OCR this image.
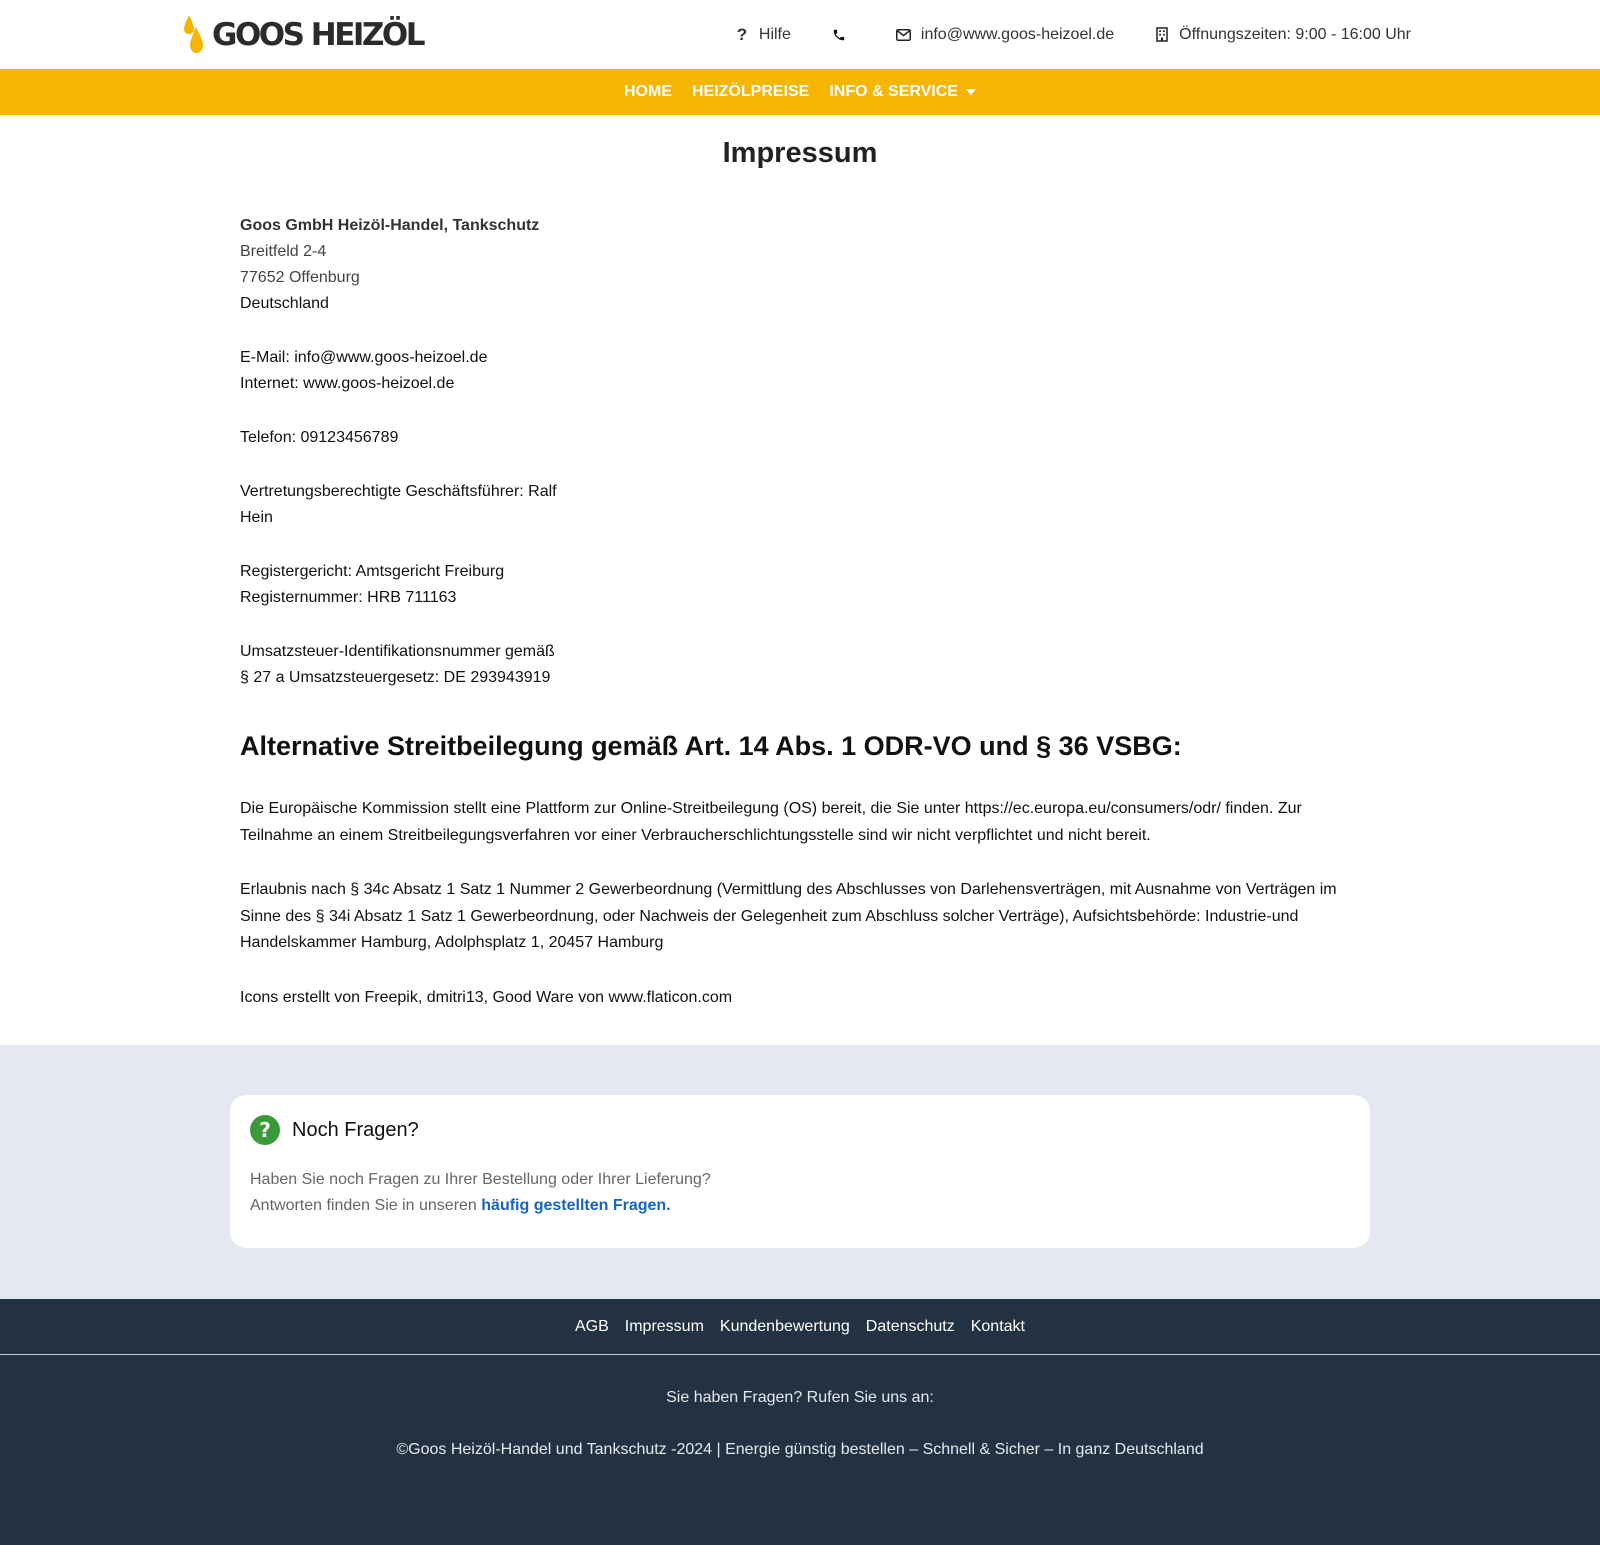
GOOS HEIZÖL	? Hilfe	info@www.goos-heizoel.de	Öffnungszeiten: 9:00 - 16:00 Uhr
HOME HEIZÖLPREISE INFO & SERVICE
Impressum
Goos GmbH Heizöl-Handel, Tankschutz
Breitfeld 2-4
77652 Offenburg
Deutschland
E-Mail: info@www.goos-heizoel.de
Internet: www.goos-heizoel.de
Telefon: 09123456789
Vertretungsberechtigte Geschäftsführer: Ralf
Hein
Registergericht: Amtsgericht Freiburg
Registernummer: HRB 711163
Umsatzsteuer-Identifikationsnummer gemäß
§ 27 a Umsatzsteuergesetz: DE 293943919
Alternative Streitbeilegung gemäß Art. 14 Abs. 1 ODR-VO und § 36 VSBG:

Die Europäische Kommission stellt eine Plattform zur Online-Streitbeilegung (OS) bereit, die Sie unter https://ec.europa.eu/consumers/odr/ finden. Zur Teilnahme an einem Streitbeilegungsverfahren vor einer Verbraucherschlichtungsstelle sind wir nicht verpflichtet und nicht bereit.

Erlaubnis nach § 34c Absatz 1 Satz 1 Nummer 2 Gewerbeordnung (Vermittlung des Abschlusses von Darlehensverträgen, mit Ausnahme von Verträgen im Sinne des § 34i Absatz 1 Satz 1 Gewerbeordnung, oder Nachweis der Gelegenheit zum Abschluss solcher Verträge), Aufsichtsbehörde: Industrie-und Handelskammer Hamburg, Adolphsplatz 1, 20457 Hamburg

Icons erstellt von Freepik, dmitri13, Good Ware von www.flaticon.com

? Noch Fragen?
Haben Sie noch Fragen zu Ihrer Bestellung oder Ihrer Lieferung?
Antworten finden Sie in unseren häufig gestellten Fragen.
AGB Impressum Kundenbewertung Datenschutz Kontakt
Sie haben Fragen? Rufen Sie uns an:
©Goos Heizöl-Handel und Tankschutz -2024 | Energie günstig bestellen – Schnell & Sicher – In ganz Deutschland
